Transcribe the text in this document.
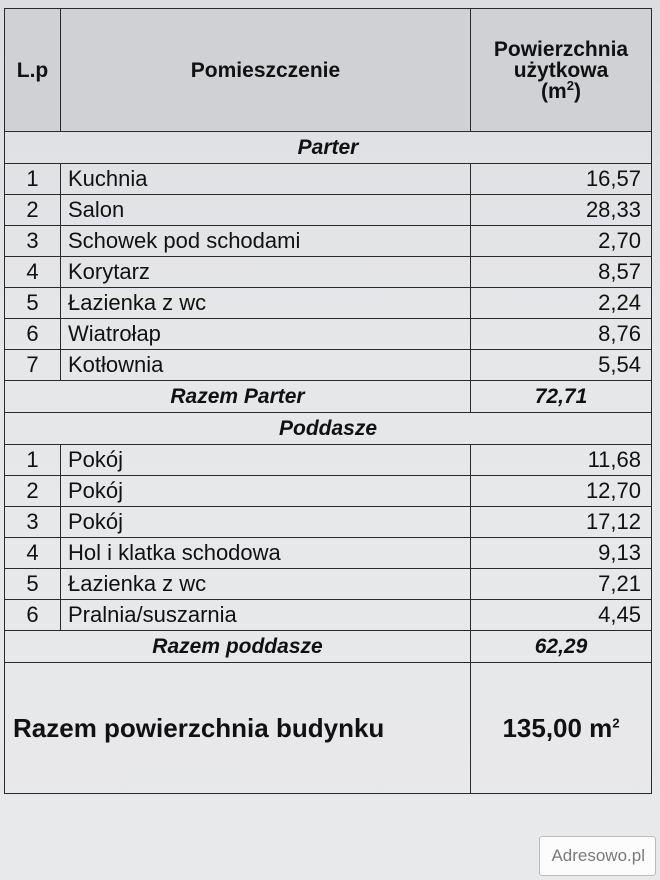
L.p	Pomieszczenie	Powierzchnia
użytkowa
$(m^2)$

Parter		
1	Kuchnia	16,57
2	Salon	28,33
3	Schowek pod schodami	2,70
4	Korytarz	8,57
5	Łazienka z wc	2,24
6	Wiatrołap	8,76
7	Kotłownia	5,54
Razem Parter		72,71
Poddasze		
1	Pokój	11,68
2	Pokój	12,70
3	Pokój	17,12
4	Hol i klatka schodowa	9,13
5	Łazienka z wc	7,21
6	Pralnia/suszarnia	4,45
Razem poddasze		62,29
Razem powierzchnia budynku		135,00 $m^2$
Adresowo.pl
